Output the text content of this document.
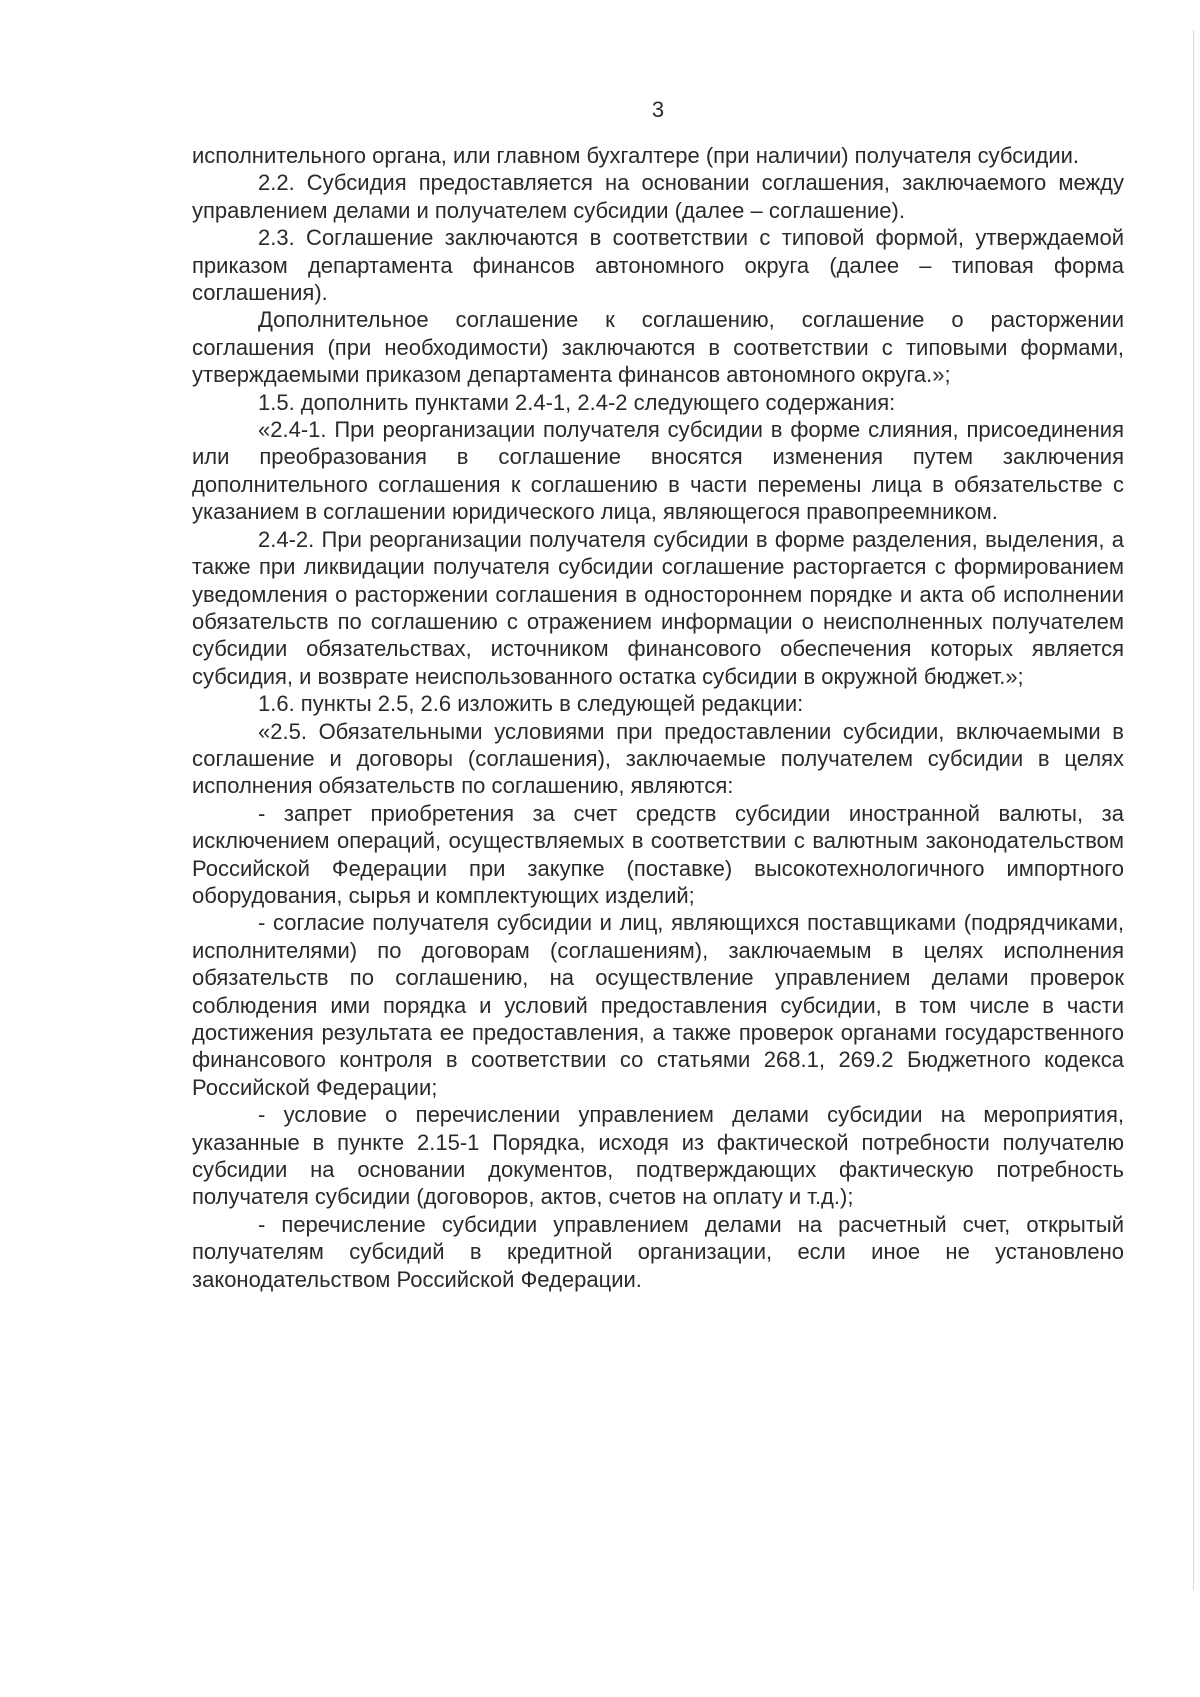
3

исполнительного органа, или главном бухгалтере (при наличии) получателя субсидии.

2.2. Субсидия предоставляется на основании соглашения, заключаемого между управлением делами и получателем субсидии (далее – соглашение).

2.3. Соглашение заключаются в соответствии с типовой формой, утверждаемой приказом департамента финансов автономного округа (далее – типовая форма соглашения).

Дополнительное соглашение к соглашению, соглашение о расторжении соглашения (при необходимости) заключаются в соответствии с типовыми формами, утверждаемыми приказом департамента финансов автономного округа.»;

1.5. дополнить пунктами 2.4-1, 2.4-2 следующего содержания:

«2.4-1. При реорганизации получателя субсидии в форме слияния, присоединения или преобразования в соглашение вносятся изменения путем заключения дополнительного соглашения к соглашению в части перемены лица в обязательстве с указанием в соглашении юридического лица, являющегося правопреемником.

2.4-2. При реорганизации получателя субсидии в форме разделения, выделения, а также при ликвидации получателя субсидии соглашение расторгается с формированием уведомления о расторжении соглашения в одностороннем порядке и акта об исполнении обязательств по соглашению с отражением информации о неисполненных получателем субсидии обязательствах, источником финансового обеспечения которых является субсидия, и возврате неиспользованного остатка субсидии в окружной бюджет.»;

1.6. пункты 2.5, 2.6 изложить в следующей редакции:

«2.5. Обязательными условиями при предоставлении субсидии, включаемыми в соглашение и договоры (соглашения), заключаемые получателем субсидии в целях исполнения обязательств по соглашению, являются:

- запрет приобретения за счет средств субсидии иностранной валюты, за исключением операций, осуществляемых в соответствии с валютным законодательством Российской Федерации при закупке (поставке) высокотехнологичного импортного оборудования, сырья и комплектующих изделий;

- согласие получателя субсидии и лиц, являющихся поставщиками (подрядчиками, исполнителями) по договорам (соглашениям), заключаемым в целях исполнения обязательств по соглашению, на осуществление управлением делами проверок соблюдения ими порядка и условий предоставления субсидии, в том числе в части достижения результата ее предоставления, а также проверок органами государственного финансового контроля в соответствии со статьями 268.1, 269.2 Бюджетного кодекса Российской Федерации;

- условие о перечислении управлением делами субсидии на мероприятия, указанные в пункте 2.15-1 Порядка, исходя из фактической потребности получателю субсидии на основании документов, подтверждающих фактическую потребность получателя субсидии (договоров, актов, счетов на оплату и т.д.);

- перечисление субсидии управлением делами на расчетный счет, открытый получателям субсидий в кредитной организации, если иное не установлено законодательством Российской Федерации.
